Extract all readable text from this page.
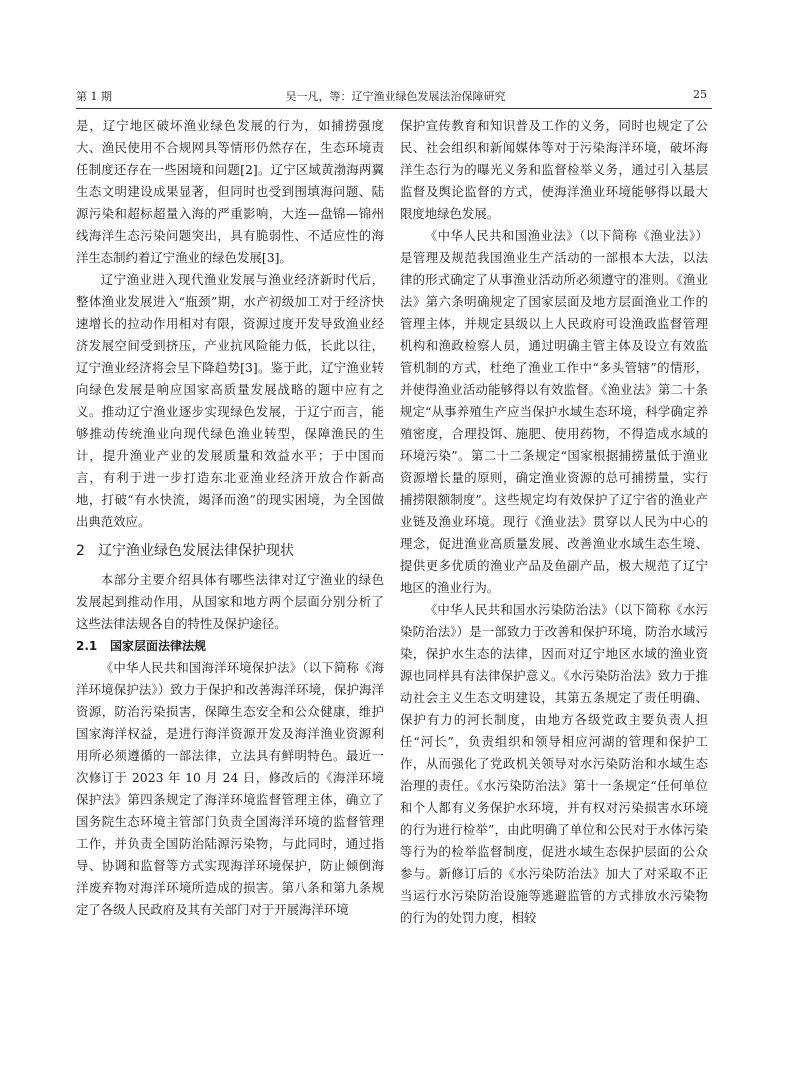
第 1 期	吴一凡，等：辽宁渔业绿色发展法治保障研究	25

是，辽宁地区破坏渔业绿色发展的行为，如捕捞强度大、渔民使用不合规网具等情形仍然存在，生态环境责任制度还存在一些困境和问题[2]。辽宁区域黄渤海两翼生态文明建设成果显著，但同时也受到围填海问题、陆源污染和超标超量入海的严重影响，大连—盘锦—锦州线海洋生态污染问题突出，具有脆弱性、不适应性的海洋生态制约着辽宁渔业的绿色发展[3]。

辽宁渔业进入现代渔业发展与渔业经济新时代后，整体渔业发展进入“瓶颈”期，水产初级加工对于经济快速增长的拉动作用相对有限，资源过度开发导致渔业经济发展空间受到挤压，产业抗风险能力低，长此以往，辽宁渔业经济将会呈下降趋势[3]。鉴于此，辽宁渔业转向绿色发展是响应国家高质量发展战略的题中应有之义。推动辽宁渔业逐步实现绿色发展，于辽宁而言，能够推动传统渔业向现代绿色渔业转型，保障渔民的生计，提升渔业产业的发展质量和效益水平；于中国而言，有利于进一步打造东北亚渔业经济开放合作新高地，打破“有水快流，竭泽而渔”的现实困境，为全国做出典范效应。

2 辽宁渔业绿色发展法律保护现状

本部分主要介绍具体有哪些法律对辽宁渔业的绿色发展起到推动作用，从国家和地方两个层面分别分析了这些法律法规各自的特性及保护途径。

2.1 国家层面法律法规

《中华人民共和国海洋环境保护法》（以下简称《海洋环境保护法》）致力于保护和改善海洋环境，保护海洋资源，防治污染损害，保障生态安全和公众健康，维护国家海洋权益，是进行海洋资源开发及海洋渔业资源利用所必须遵循的一部法律，立法具有鲜明特色。最近一次修订于 2023 年 10 月 24 日，修改后的《海洋环境保护法》第四条规定了海洋环境监督管理主体，确立了国务院生态环境主管部门负责全国海洋环境的监督管理工作，并负责全国防治陆源污染物，与此同时，通过指导、协调和监督等方式实现海洋环境保护，防止倾倒海洋废弃物对海洋环境所造成的损害。第八条和第九条规定了各级人民政府及其有关部门对于开展海洋环境

保护宣传教育和知识普及工作的义务，同时也规定了公民、社会组织和新闻媒体等对于污染海洋环境，破坏海洋生态行为的曝光义务和监督检举义务，通过引入基层监督及舆论监督的方式，使海洋渔业环境能够得以最大限度地绿色发展。

《中华人民共和国渔业法》（以下简称《渔业法》）是管理及规范我国渔业生产活动的一部根本大法，以法律的形式确定了从事渔业活动所必须遵守的准则。《渔业法》第六条明确规定了国家层面及地方层面渔业工作的管理主体，并规定县级以上人民政府可设渔政监督管理机构和渔政检察人员，通过明确主管主体及设立有效监管机制的方式，杜绝了渔业工作中“多头管辖”的情形，并使得渔业活动能够得以有效监督。《渔业法》第二十条规定“从事养殖生产应当保护水域生态环境，科学确定养殖密度，合理投饵、施肥、使用药物，不得造成水域的环境污染”。第二十二条规定“国家根据捕捞量低于渔业资源增长量的原则，确定渔业资源的总可捕捞量，实行捕捞限额制度”。这些规定均有效保护了辽宁省的渔业产业链及渔业环境。现行《渔业法》贯穿以人民为中心的理念，促进渔业高质量发展、改善渔业水域生态生境、提供更多优质的渔业产品及鱼副产品，极大规范了辽宁地区的渔业行为。

《中华人民共和国水污染防治法》（以下简称《水污染防治法》）是一部致力于改善和保护环境，防治水域污染，保护水生态的法律，因而对辽宁地区水域的渔业资源也同样具有法律保护意义。《水污染防治法》致力于推动社会主义生态文明建设，其第五条规定了责任明确、保护有力的河长制度，由地方各级党政主要负责人担任“河长”，负责组织和领导相应河湖的管理和保护工作，从而强化了党政机关领导对水污染防治和水域生态治理的责任。《水污染防治法》第十一条规定“任何单位和个人都有义务保护水环境，并有权对污染损害水环境的行为进行检举”，由此明确了单位和公民对于水体污染等行为的检举监督制度，促进水域生态保护层面的公众参与。新修订后的《水污染防治法》加大了对采取不正当运行水污染防治设施等逃避监管的方式排放水污染物的行为的处罚力度，相较
